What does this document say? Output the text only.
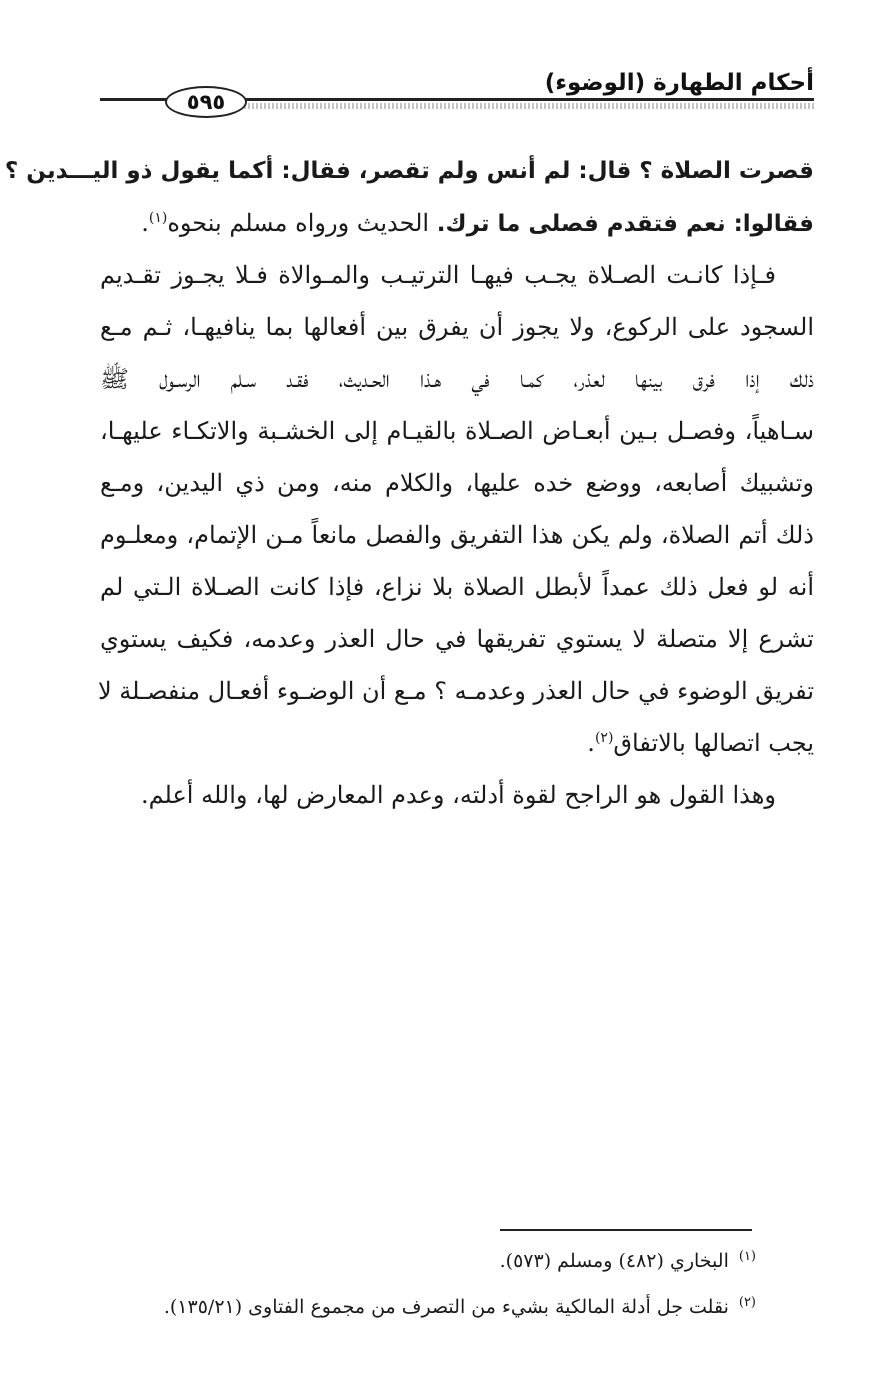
أحكام الطهارة (الوضوء)
٥٩٥
قصرت الصلاة ؟ قال: لم أنس ولم تقصر، فقال: أكما يقول ذو اليـــدين ؟
فقالوا: نعم فتقدم فصلى ما ترك. الحديث ورواه مسلم بنحوه$^{(١)}$.
فـإذا كانـت الصـلاة يجـب فيهـا الترتيـب والمـوالاة فـلا يجـوز تقـديم
السجود على الركوع، ولا يجوز أن يفرق بين أفعالها بما ينافيهـا، ثـم مـع
ذلك إذا فرق بينها لعذر، كمـا في هـذا الحـديث، فقـد سـلم الرسـول ﷺ
سـاهياً، وفصـل بـين أبعـاض الصـلاة بالقيـام إلى الخشـبة والاتكـاء عليهـا،
وتشبيك أصابعه، ووضع خده عليها، والكلام منه، ومن ذي اليدين، ومـع
ذلك أتم الصلاة، ولم يكن هذا التفريق والفصل مانعاً مـن الإتمام، ومعلـوم
أنه لو فعل ذلك عمداً لأبطل الصلاة بلا نزاع، فإذا كانت الصـلاة الـتي لم
تشرع إلا متصلة لا يستوي تفريقها في حال العذر وعدمه، فكيف يستوي
تفريق الوضوء في حال العذر وعدمـه ؟ مـع أن الوضـوء أفعـال منفصـلة لا
يجب اتصالها بالاتفاق$^{(٢)}$.
وهذا القول هو الراجح لقوة أدلته، وعدم المعارض لها، والله أعلم.
$^{(١)}$البخاري (٤٨٢) ومسلم (٥٧٣).
$^{(٢)}$نقلت جل أدلة المالكية بشيء من التصرف من مجموع الفتاوى (١٣٥/٢١).
